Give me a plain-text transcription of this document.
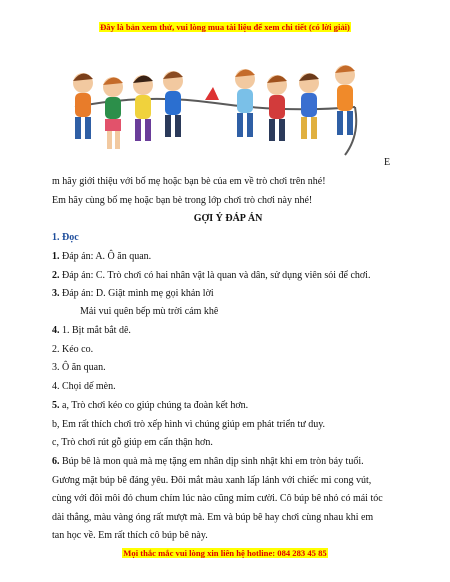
Đây là bản xem thử, vui lòng mua tài liệu để xem chi tiết (có lời giải)
E
m hãy giới thiệu với bố mẹ hoặc bạn bè của em về trò chơi trên nhé!
Em hãy cùng bố mẹ hoặc bạn bè trong lớp chơi trò chơi này nhé!
GỢI Ý ĐÁP ÁN
1. Đọc
1. Đáp án: A. Ô ăn quan.
2. Đáp án: C. Trò chơi có hai nhân vật là quan và dân, sử dụng viên sỏi để chơi.
3. Đáp án: D. Giật mình mẹ gọi khản lời
Mải vui quên bếp mù trời cám khê
4. 1. Bịt mắt bắt dê.
2. Kéo co.
3. Ô ăn quan.
4. Chọi dế mèn.
5. a, Trò chơi kéo co giúp chúng ta đoàn kết hơn.
b, Em rất thích chơi trò xếp hình vì chúng giúp em phát triển tư duy.
c, Trò chơi rút gỗ giúp em cẩn thận hơn.
6. Búp bê là mon quà mà mẹ tặng em nhân dịp sinh nhật khi em tròn bảy tuổi.
Gương mặt búp bê đáng yêu. Đôi mắt màu xanh lấp lánh với chiếc mi cong vút,
cùng với đôi môi đỏ chum chím lúc nào cũng mỉm cười. Cô búp bê nhỏ có mái tóc
dài thẳng, màu vàng óng rất mượt mà. Em và búp bê hay chơi cùng nhau khi em
tan học về. Em rất thích cô búp bê này.
Mọi thắc mắc vui lòng xin liên hệ hotline: 084 283 45 85
